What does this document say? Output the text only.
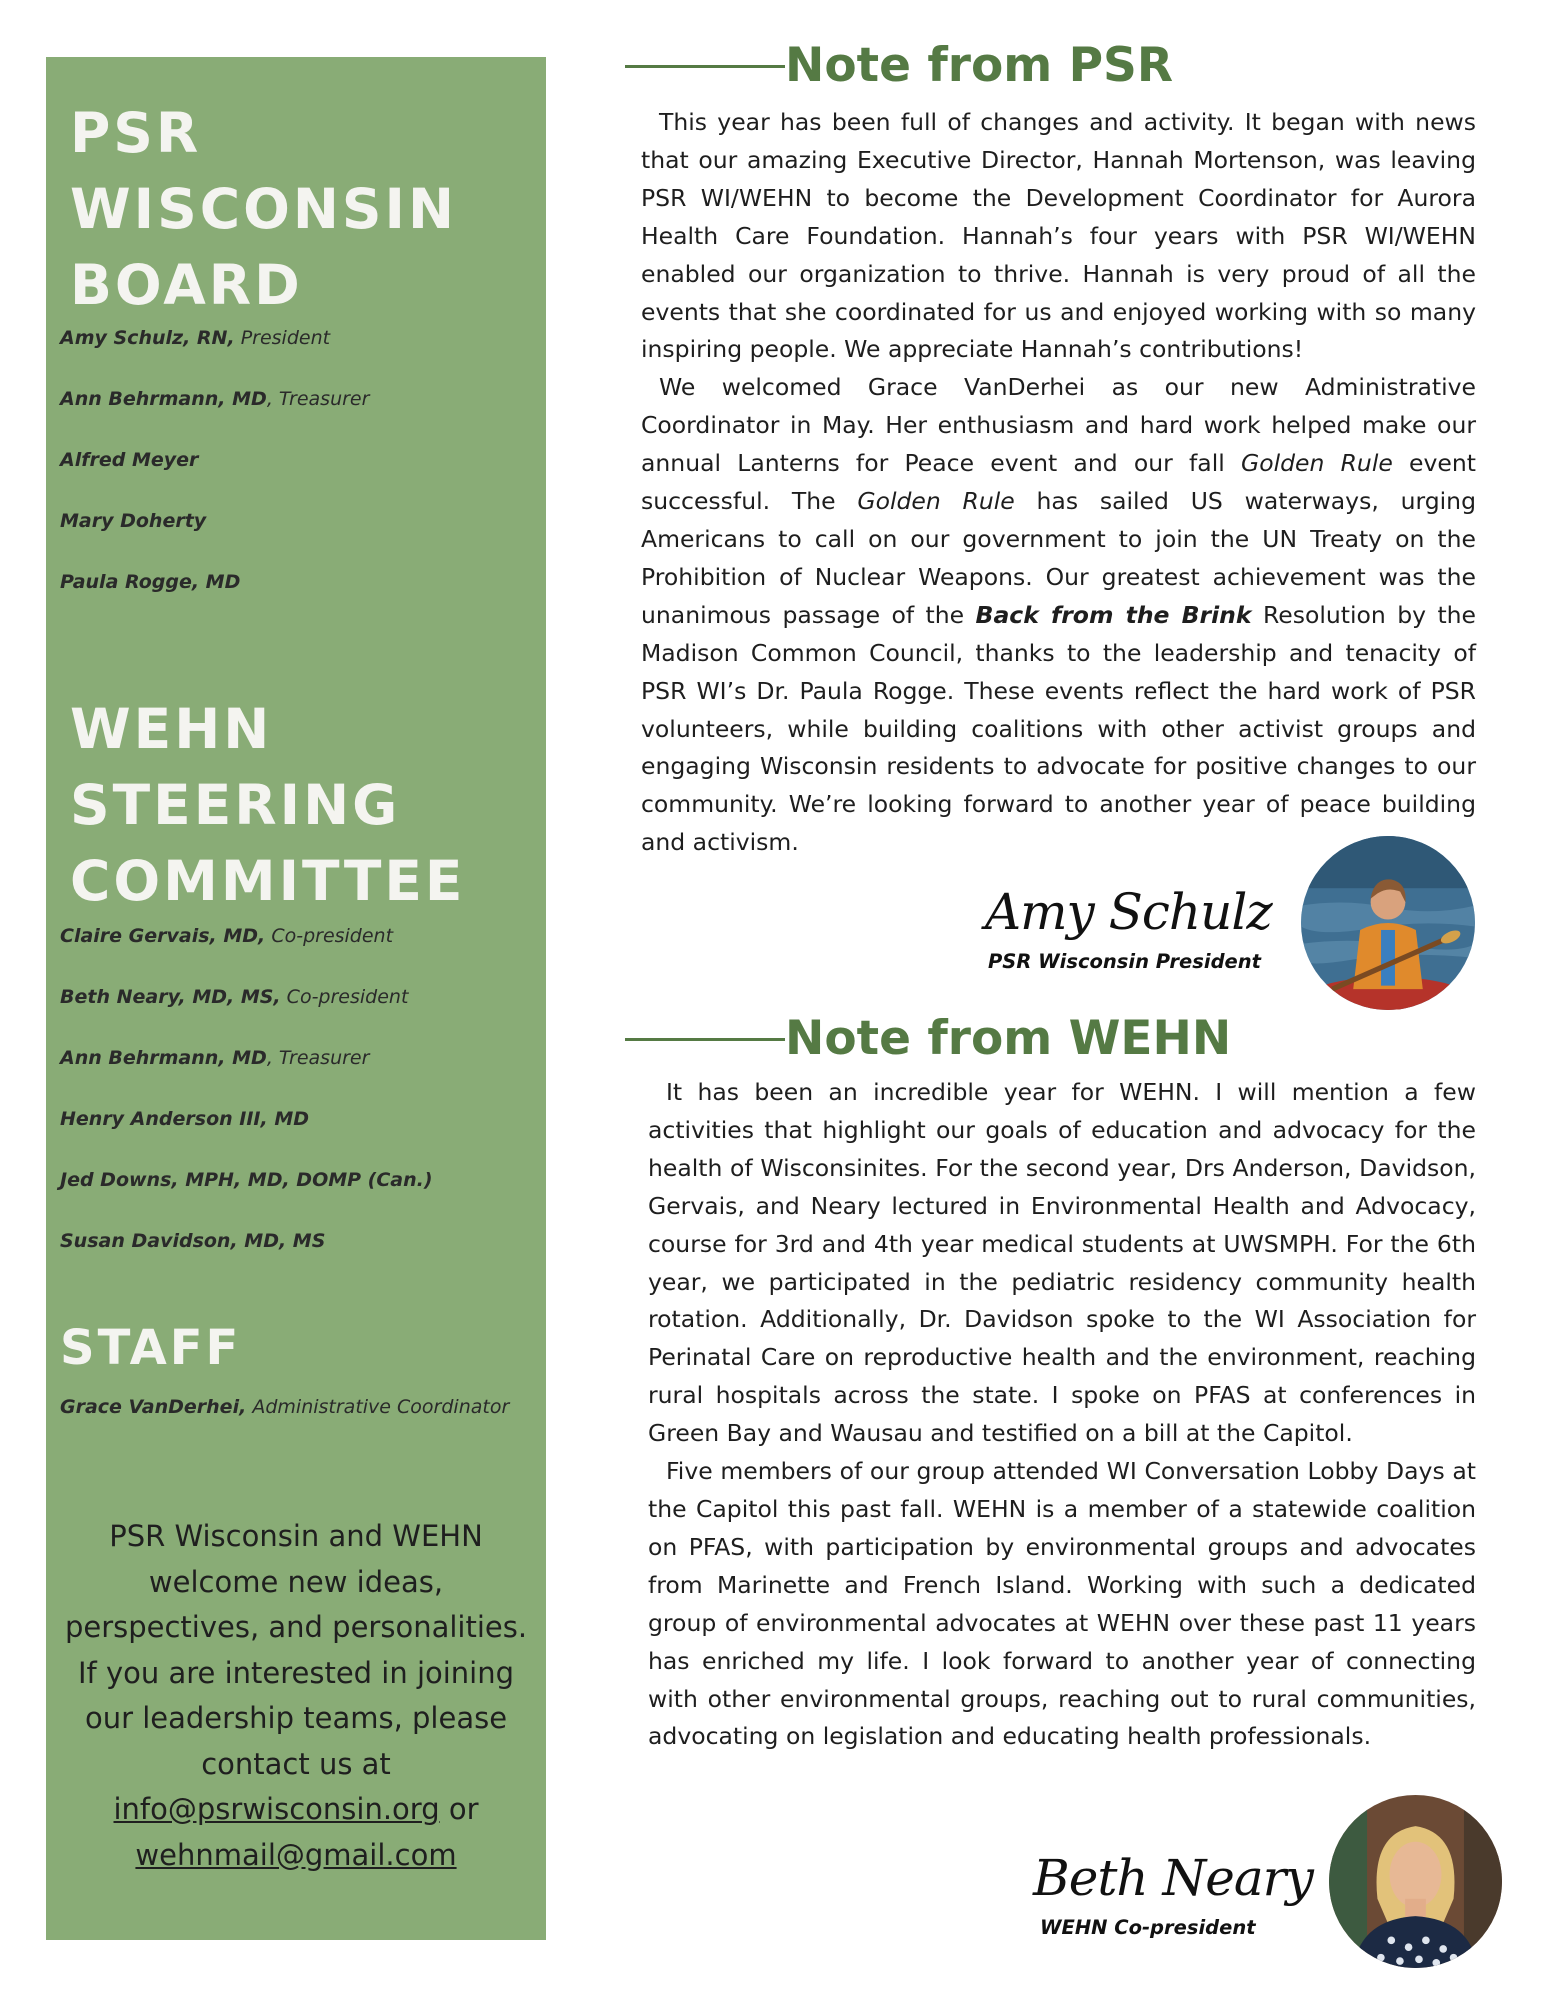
PSR
WISCONSIN
BOARD
Amy Schulz, RN, President
Ann Behrmann, MD, Treasurer
Alfred Meyer
Mary Doherty
Paula Rogge, MD
WEHN
STEERING
COMMITTEE
Claire Gervais, MD, Co-president
Beth Neary, MD, MS, Co-president
Ann Behrmann, MD, Treasurer
Henry Anderson III, MD
Jed Downs, MPH, MD, DOMP (Can.)
Susan Davidson, MD, MS
STAFF
Grace VanDerhei, Administrative Coordinator

PSR Wisconsin and WEHN welcome new ideas, perspectives, and personalities. If you are interested in joining our leadership teams, please contact us at info@psrwisconsin.org or wehnmail@gmail.com

Note from PSR

This year has been full of changes and activity. It began with news that our amazing Executive Director, Hannah Mortenson, was leaving PSR WI/WEHN to become the Development Coordinator for Aurora Health Care Foundation. Hannah’s four years with PSR WI/WEHN enabled our organization to thrive. Hannah is very proud of all the events that she coordinated for us and enjoyed working with so many inspiring people. We appreciate Hannah’s contributions!

We welcomed Grace VanDerhei as our new Administrative Coordinator in May. Her enthusiasm and hard work helped make our annual Lanterns for Peace event and our fall Golden Rule event successful. The Golden Rule has sailed US waterways, urging Americans to call on our government to join the UN Treaty on the Prohibition of Nuclear Weapons. Our greatest achievement was the unanimous passage of the Back from the Brink Resolution by the Madison Common Council, thanks to the leadership and tenacity of PSR WI’s Dr. Paula Rogge. These events reflect the hard work of PSR volunteers, while building coalitions with other activist groups and engaging Wisconsin residents to advocate for positive changes to our community. We’re looking forward to another year of peace building and activism.

Amy Schulz

PSR Wisconsin President

Note from WEHN

It has been an incredible year for WEHN. I will mention a few activities that highlight our goals of education and advocacy for the health of Wisconsinites. For the second year, Drs Anderson, Davidson, Gervais, and Neary lectured in Environmental Health and Advocacy, course for 3rd and 4th year medical students at UWSMPH. For the 6th year, we participated in the pediatric residency community health rotation. Additionally, Dr. Davidson spoke to the WI Association for Perinatal Care on reproductive health and the environment, reaching rural hospitals across the state. I spoke on PFAS at conferences in Green Bay and Wausau and testified on a bill at the Capitol.

Five members of our group attended WI Conversation Lobby Days at the Capitol this past fall. WEHN is a member of a statewide coalition on PFAS, with participation by environmental groups and advocates from Marinette and French Island. Working with such a dedicated group of environmental advocates at WEHN over these past 11 years has enriched my life. I look forward to another year of connecting with other environmental groups, reaching out to rural communities, advocating on legislation and educating health professionals.

Beth Neary

WEHN Co-president
